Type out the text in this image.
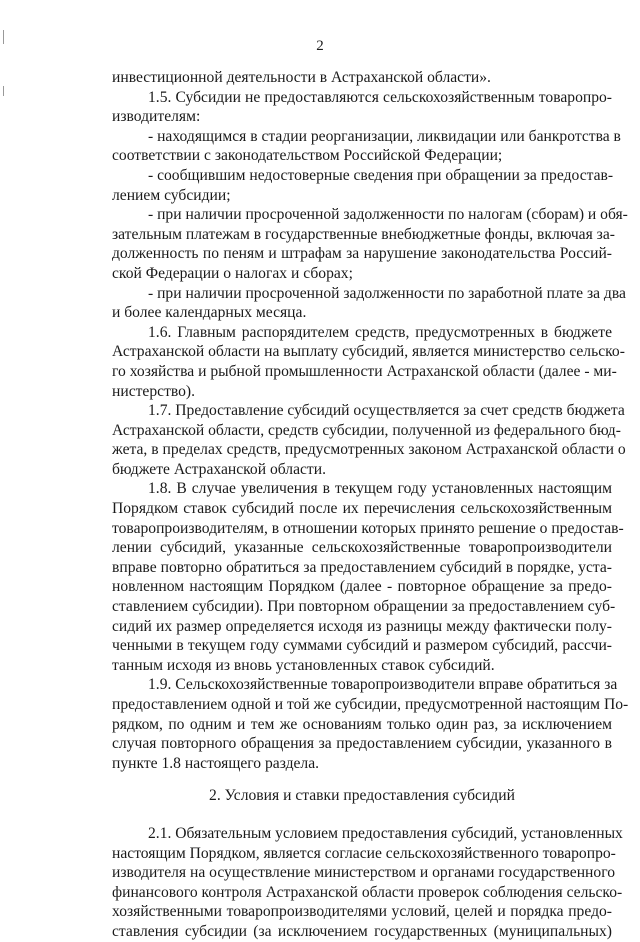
2
инвестиционной деятельности в Астраханской области».
1.5. Субсидии не предоставляются сельскохозяйственным товаропро-
изводителям:
- находящимся в стадии реорганизации, ликвидации или банкротства в
соответствии с законодательством Российской Федерации;
- сообщившим недостоверные сведения при обращении за предостав-
лением субсидии;
- при наличии просроченной задолженности по налогам (сборам) и обя-
зательным платежам в государственные внебюджетные фонды, включая за-
долженность по пеням и штрафам за нарушение законодательства Россий-
ской Федерации о налогах и сборах;
- при наличии просроченной задолженности по заработной плате за два
и более календарных месяца.
1.6. Главным распорядителем средств, предусмотренных в бюджете
Астраханской области на выплату субсидий, является министерство сельско-
го хозяйства и рыбной промышленности Астраханской области (далее - ми-
нистерство).
1.7. Предоставление субсидий осуществляется за счет средств бюджета
Астраханской области, средств субсидии, полученной из федерального бюд-
жета, в пределах средств, предусмотренных законом Астраханской области о
бюджете Астраханской области.
1.8. В случае увеличения в текущем году установленных настоящим
Порядком ставок субсидий после их перечисления сельскохозяйственным
товаропроизводителям, в отношении которых принято решение о предостав-
лении субсидий, указанные сельскохозяйственные товаропроизводители
вправе повторно обратиться за предоставлением субсидий в порядке, уста-
новленном настоящим Порядком (далее - повторное обращение за предо-
ставлением субсидии). При повторном обращении за предоставлением суб-
сидий их размер определяется исходя из разницы между фактически полу-
ченными в текущем году суммами субсидий и размером субсидий, рассчи-
танным исходя из вновь установленных ставок субсидий.
1.9. Сельскохозяйственные товаропроизводители вправе обратиться за
предоставлением одной и той же субсидии, предусмотренной настоящим По-
рядком, по одним и тем же основаниям только один раз, за исключением
случая повторного обращения за предоставлением субсидии, указанного в
пункте 1.8 настоящего раздела.
2. Условия и ставки предоставления субсидий
2.1. Обязательным условием предоставления субсидий, установленных
настоящим Порядком, является согласие сельскохозяйственного товаропро-
изводителя на осуществление министерством и органами государственного
финансового контроля Астраханской области проверок соблюдения сельско-
хозяйственными товаропроизводителями условий, целей и порядка предо-
ставления субсидии (за исключением государственных (муниципальных)
